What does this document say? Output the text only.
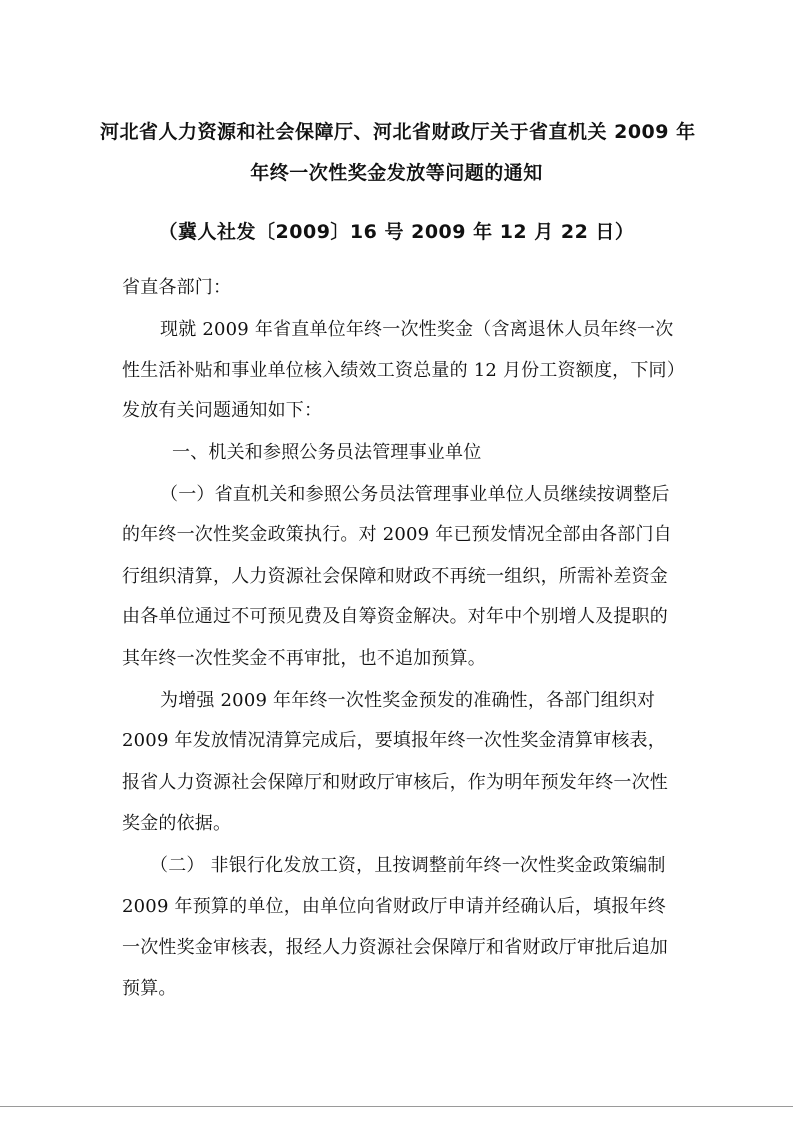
河北省人力资源和社会保障厅、河北省财政厅关于省直机关 2009 年
年终一次性奖金发放等问题的通知
（冀人社发〔2009〕16 号 2009 年 12 月 22 日）
省直各部门：
现就 2009 年省直单位年终一次性奖金（含离退休人员年终一次
性生活补贴和事业单位核入绩效工资总量的 12 月份工资额度，下同）
发放有关问题通知如下：
一、机关和参照公务员法管理事业单位
（一）省直机关和参照公务员法管理事业单位人员继续按调整后
的年终一次性奖金政策执行。对 2009 年已预发情况全部由各部门自
行组织清算，人力资源社会保障和财政不再统一组织，所需补差资金
由各单位通过不可预见费及自筹资金解决。对年中个别增人及提职的
其年终一次性奖金不再审批，也不追加预算。
为增强 2009 年年终一次性奖金预发的准确性，各部门组织对
2009 年发放情况清算完成后，要填报年终一次性奖金清算审核表，
报省人力资源社会保障厅和财政厅审核后，作为明年预发年终一次性
奖金的依据。
（二） 非银行化发放工资，且按调整前年终一次性奖金政策编制
2009 年预算的单位，由单位向省财政厅申请并经确认后，填报年终
一次性奖金审核表，报经人力资源社会保障厅和省财政厅审批后追加
预算。
